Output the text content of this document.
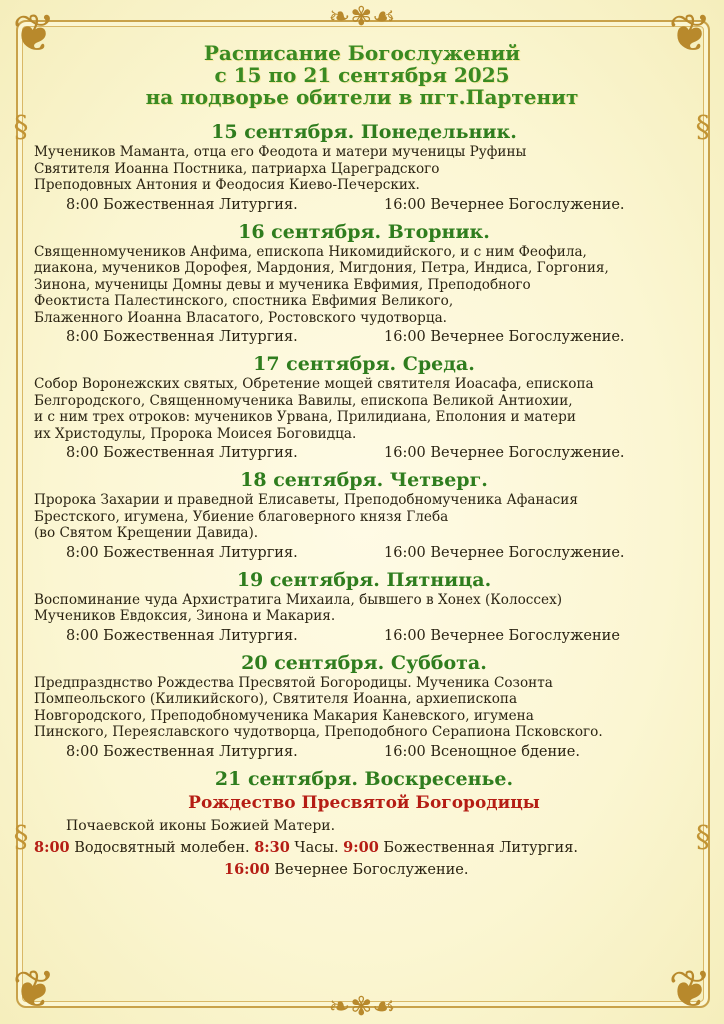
❦	❦
❦	❦
❧✾☙
❧✾☙
§	§
§	§
Расписание Богослужений
с 15 по 21 сентября 2025
на подворье обители в пгт.Партенит
15 сентября. Понедельник.
Мучеников Маманта, отца его Феодота и матери мученицы Руфины
Святителя Иоанна Постника, патриарха Цареградского
Преподовных Антония и Феодосия Киево-Печерских.
8:00 Божественная Литургия.	16:00 Вечернее Богослужение.
16 сентября. Вторник.
Священномучеников Анфима, епископа Никомидийского, и с ним Феофила,
диакона, мучеников Дорофея, Мардония, Мигдония, Петра, Индиса, Горгония,
Зинона, мученицы Домны девы и мученика Евфимия, Преподобного
Феоктиста Палестинского, спостника Евфимия Великого,
Блаженного Иоанна Власатого, Ростовского чудотворца.
8:00 Божественная Литургия.	16:00 Вечернее Богослужение.
17 сентября. Среда.
Собор Воронежских святых, Обретение мощей святителя Иоасафа, епископа
Белгородского, Священномученика Вавилы, епископа Великой Антиохии,
и с ним трех отроков: мучеников Урвана, Прилидиана, Еполония и матери
их Христодулы, Пророка Моисея Боговидца.
8:00 Божественная Литургия.	16:00 Вечернее Богослужение.
18 сентября. Четверг.
Пророка Захарии и праведной Елисаветы, Преподобномученика Афанасия
Брестского, игумена, Убиение благоверного князя Глеба
(во Святом Крещении Давида).
8:00 Божественная Литургия.	16:00 Вечернее Богослужение.
19 сентября. Пятница.
Воспоминание чуда Архистратига Михаила, бывшего в Хонех (Колоссех)
Мучеников Евдоксия, Зинона и Макария.
8:00 Божественная Литургия.	16:00 Вечернее Богослужение
20 сентября. Суббота.
Предпразднство Рождества Пресвятой Богородицы. Мученика Созонта
Помпеольского (Киликийского), Святителя Иоанна, архиепископа
Новгородского, Преподобномученика Макария Каневского, игумена
Пинского, Переяславского чудотворца, Преподобного Серапиона Псковского.
8:00 Божественная Литургия.	16:00 Всенощное бдение.
21 сентября. Воскресенье.
Рождество Пресвятой Богородицы
Почаевской иконы Божией Матери.
8:00 Водосвятный молебен. 8:30 Часы. 9:00 Божественная Литургия.
16:00 Вечернее Богослужение.
